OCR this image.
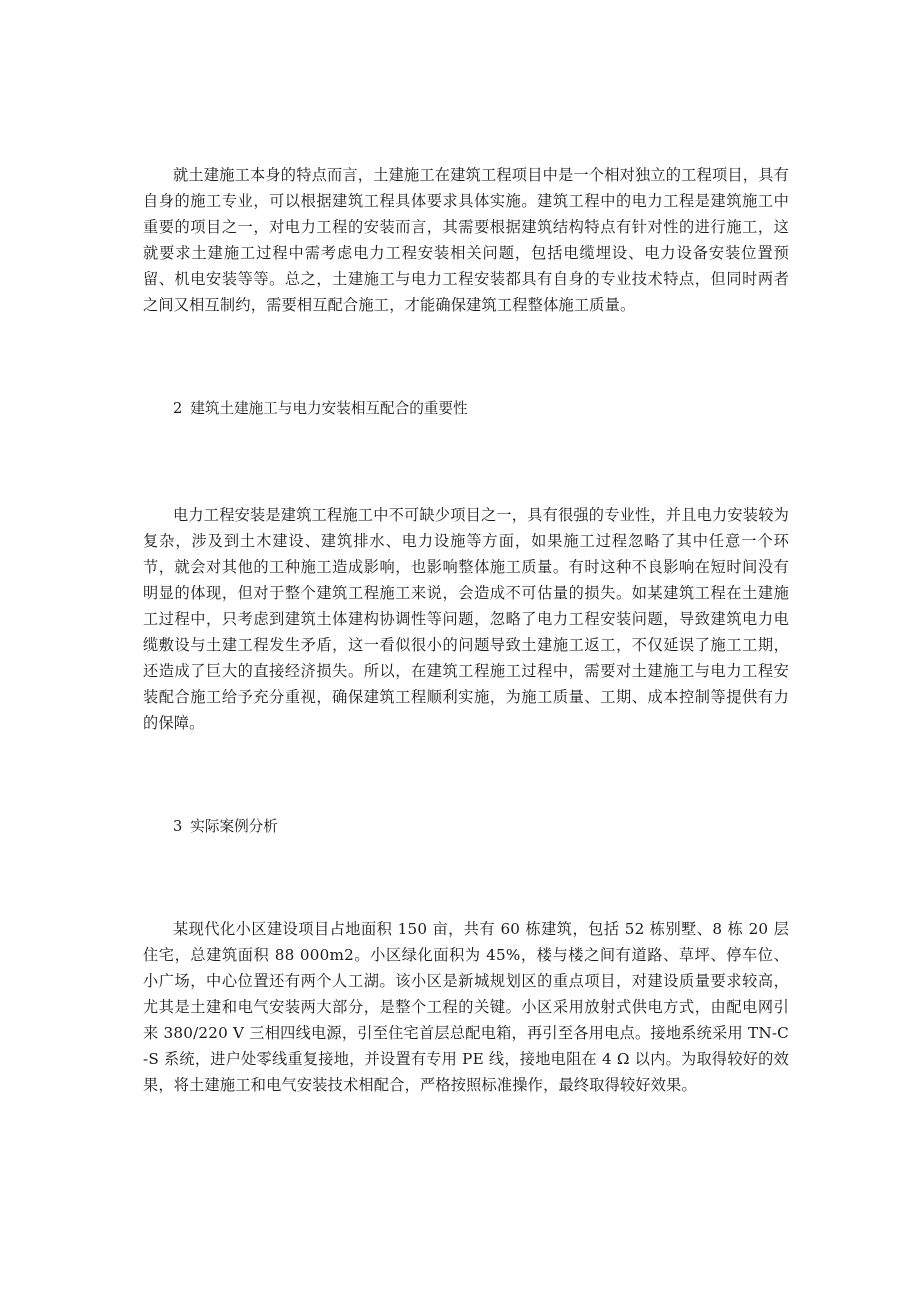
就土建施工本身的特点而言，土建施工在建筑工程项目中是一个相对独立的工程项目，具有自身的施工专业，可以根据建筑工程具体要求具体实施。建筑工程中的电力工程是建筑施工中重要的项目之一，对电力工程的安装而言，其需要根据建筑结构特点有针对性的进行施工，这就要求土建施工过程中需考虑电力工程安装相关问题，包括电缆埋设、电力设备安装位置预留、机电安装等等。总之，土建施工与电力工程安装都具有自身的专业技术特点，但同时两者之间又相互制约，需要相互配合施工，才能确保建筑工程整体施工质量。

2 建筑土建施工与电力安装相互配合的重要性

电力工程安装是建筑工程施工中不可缺少项目之一，具有很强的专业性，并且电力安装较为复杂，涉及到土木建设、建筑排水、电力设施等方面，如果施工过程忽略了其中任意一个环节，就会对其他的工种施工造成影响，也影响整体施工质量。有时这种不良影响在短时间没有明显的体现，但对于整个建筑工程施工来说，会造成不可估量的损失。如某建筑工程在土建施工过程中，只考虑到建筑土体建构协调性等问题，忽略了电力工程安装问题，导致建筑电力电缆敷设与土建工程发生矛盾，这一看似很小的问题导致土建施工返工，不仅延误了施工工期，还造成了巨大的直接经济损失。所以，在建筑工程施工过程中，需要对土建施工与电力工程安装配合施工给予充分重视，确保建筑工程顺利实施，为施工质量、工期、成本控制等提供有力的保障。

3 实际案例分析

某现代化小区建设项目占地面积 150 亩，共有 60 栋建筑，包括 52 栋别墅、8 栋 20 层住宅，总建筑面积 88 000m2。小区绿化面积为 45%，楼与楼之间有道路、草坪、停车位、小广场，中心位置还有两个人工湖。该小区是新城规划区的重点项目，对建设质量要求较高，尤其是土建和电气安装两大部分，是整个工程的关键。小区采用放射式供电方式，由配电网引来 380/220 V 三相四线电源，引至住宅首层总配电箱，再引至各用电点。接地系统采用 TN-C-S 系统，进户处零线重复接地，并设置有专用 PE 线，接地电阻在 4 Ω 以内。为取得较好的效果，将土建施工和电气安装技术相配合，严格按照标准操作，最终取得较好效果。
